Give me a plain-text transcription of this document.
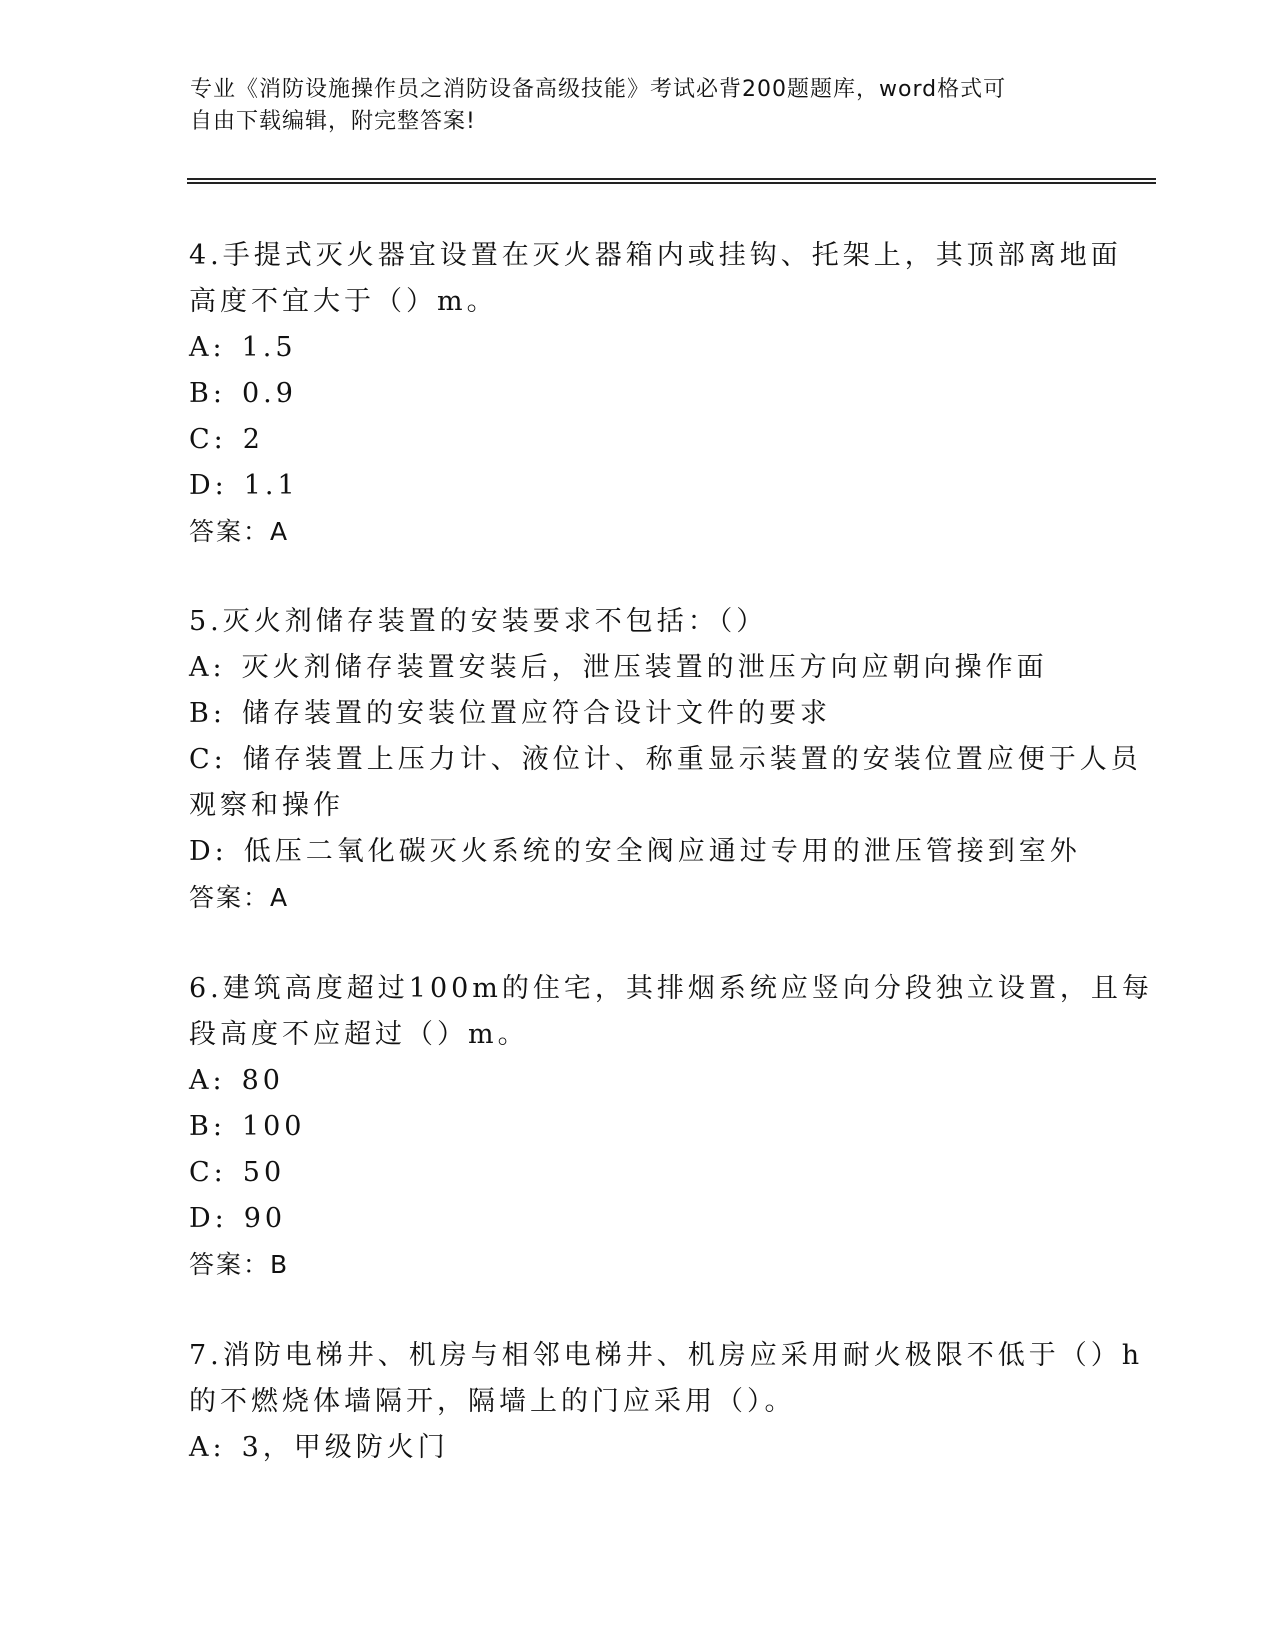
专业《消防设施操作员之消防设备高级技能》考试必背200题题库，word格式可
自由下载编辑，附完整答案!
4.手提式灭火器宜设置在灭火器箱内或挂钩、托架上，其顶部离地面
高度不宜大于（）m。
A: 1.5
B: 0.9
C: 2
D: 1.1
答案：A
5.灭火剂储存装置的安装要求不包括：（）
A: 灭火剂储存装置安装后，泄压装置的泄压方向应朝向操作面
B: 储存装置的安装位置应符合设计文件的要求
C: 储存装置上压力计、液位计、称重显示装置的安装位置应便于人员
观察和操作
D: 低压二氧化碳灭火系统的安全阀应通过专用的泄压管接到室外
答案：A
6.建筑高度超过100m的住宅，其排烟系统应竖向分段独立设置，且每
段高度不应超过（）m。
A: 80
B: 100
C: 50
D: 90
答案：B
7.消防电梯井、机房与相邻电梯井、机房应采用耐火极限不低于（）h
的不燃烧体墙隔开，隔墙上的门应采用（）。
A: 3，甲级防火门
